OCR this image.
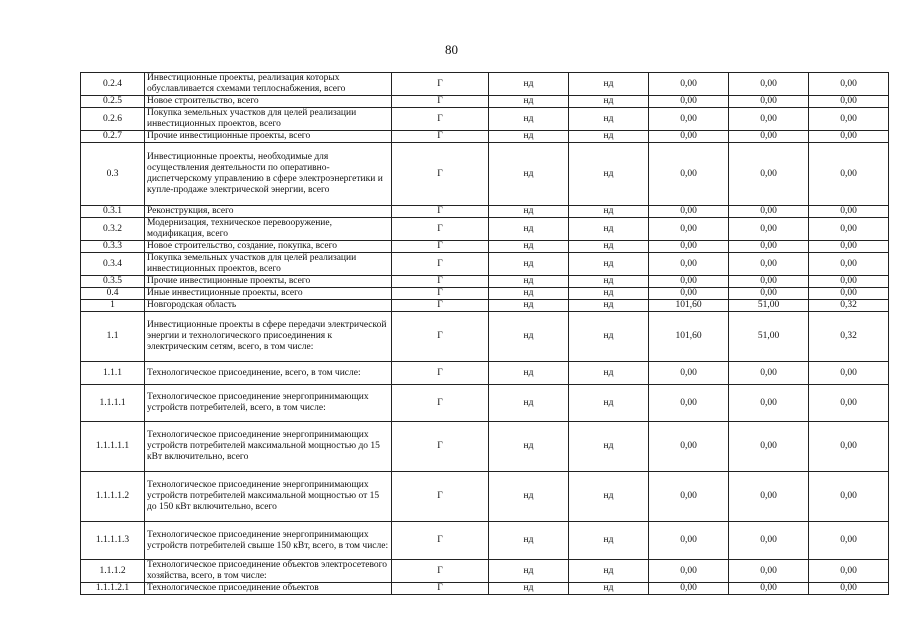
80
0.2.4	Инвестиционные проекты, реализация которых обуславливается схемами теплоснабжения, всего	Г	нд	нд	0,00	0,00	0,00
0.2.5	Новое строительство, всего	Г	нд	нд	0,00	0,00	0,00
0.2.6	Покупка земельных участков для целей реализации инвестиционных проектов, всего	Г	нд	нд	0,00	0,00	0,00
0.2.7	Прочие инвестиционные проекты, всего	Г	нд	нд	0,00	0,00	0,00
0.3	Инвестиционные проекты, необходимые для осуществления деятельности по оперативно-диспетчерскому управлению в сфере электроэнергетики и купле-продаже электрической энергии, всего	Г	нд	нд	0,00	0,00	0,00
0.3.1	Реконструкция, всего	Г	нд	нд	0,00	0,00	0,00
0.3.2	Модернизация, техническое перевооружение, модификация, всего	Г	нд	нд	0,00	0,00	0,00
0.3.3	Новое строительство, создание, покупка, всего	Г	нд	нд	0,00	0,00	0,00
0.3.4	Покупка земельных участков для целей реализации инвестиционных проектов, всего	Г	нд	нд	0,00	0,00	0,00
0.3.5	Прочие инвестиционные проекты, всего	Г	нд	нд	0,00	0,00	0,00
0.4	Иные инвестиционные проекты, всего	Г	нд	нд	0,00	0,00	0,00
1	Новгородская область	Г	нд	нд	101,60	51,00	0,32
1.1	Инвестиционные проекты в сфере передачи электрической энергии и технологического присоединения к электрическим сетям, всего, в том числе:	Г	нд	нд	101,60	51,00	0,32
1.1.1	Технологическое присоединение, всего, в том числе:	Г	нд	нд	0,00	0,00	0,00
1.1.1.1	Технологическое присоединение энергопринимающих устройств потребителей, всего, в том числе:	Г	нд	нд	0,00	0,00	0,00
1.1.1.1.1	Технологическое присоединение энергопринимающих устройств потребителей максимальной мощностью до 15 кВт включительно, всего	Г	нд	нд	0,00	0,00	0,00
1.1.1.1.2	Технологическое присоединение энергопринимающих устройств потребителей максимальной мощностью от 15 до 150 кВт включительно, всего	Г	нд	нд	0,00	0,00	0,00
1.1.1.1.3	Технологическое присоединение энергопринимающих устройств потребителей свыше 150 кВт, всего, в том числе:	Г	нд	нд	0,00	0,00	0,00
1.1.1.2	Технологическое присоединение объектов электросетевого хозяйства, всего, в том числе:	Г	нд	нд	0,00	0,00	0,00
1.1.1.2.1	Технологическое присоединение объектов	Г	нд	нд	0,00	0,00	0,00
